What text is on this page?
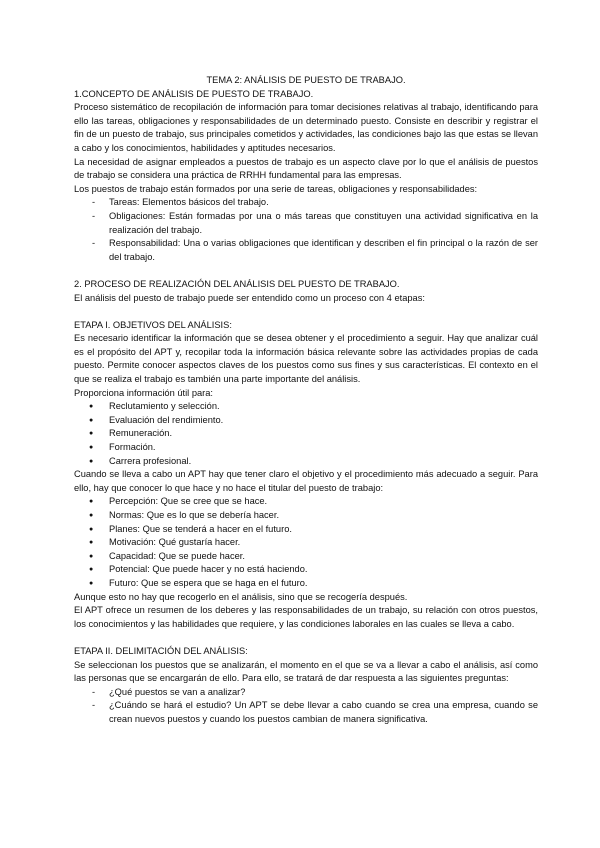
TEMA 2: ANÁLISIS DE PUESTO DE TRABAJO.
1.CONCEPTO DE ANÁLISIS DE PUESTO DE TRABAJO.

Proceso sistemático de recopilación de información para tomar decisiones relativas al trabajo, identificando para ello las tareas, obligaciones y responsabilidades de un determinado puesto. Consiste en describir y registrar el fin de un puesto de trabajo, sus principales cometidos y actividades, las condiciones bajo las que estas se llevan a cabo y los conocimientos, habilidades y aptitudes necesarios.

La necesidad de asignar empleados a puestos de trabajo es un aspecto clave por lo que el análisis de puestos de trabajo se considera una práctica de RRHH fundamental para las empresas.

Los puestos de trabajo están formados por una serie de tareas, obligaciones y responsabilidades:

- Tareas: Elementos básicos del trabajo.
- Obligaciones: Están formadas por una o más tareas que constituyen una actividad significativa en la realización del trabajo.
- Responsabilidad: Una o varias obligaciones que identifican y describen el fin principal o la razón de ser del trabajo.
2. PROCESO DE REALIZACIÓN DEL ANÁLISIS DEL PUESTO DE TRABAJO.

El análisis del puesto de trabajo puede ser entendido como un proceso con 4 etapas:

ETAPA I. OBJETIVOS DEL ANÁLISIS:

Es necesario identificar la información que se desea obtener y el procedimiento a seguir. Hay que analizar cuál es el propósito del APT y, recopilar toda la información básica relevante sobre las actividades propias de cada puesto. Permite conocer aspectos claves de los puestos como sus fines y sus características. El contexto en el que se realiza el trabajo es también una parte importante del análisis.

Proporciona información útil para:

● Reclutamiento y selección.
● Evaluación del rendimiento.
● Remuneración.
● Formación.
● Carrera profesional.

Cuando se lleva a cabo un APT hay que tener claro el objetivo y el procedimiento más adecuado a seguir. Para ello, hay que conocer lo que hace y no hace el titular del puesto de trabajo:

● Percepción: Que se cree que se hace.
● Normas: Que es lo que se debería hacer.
● Planes: Que se tenderá a hacer en el futuro.
● Motivación: Qué gustaría hacer.
● Capacidad: Que se puede hacer.
● Potencial: Que puede hacer y no está haciendo.
● Futuro: Que se espera que se haga en el futuro.

Aunque esto no hay que recogerlo en el análisis, sino que se recogería después.

El APT ofrece un resumen de los deberes y las responsabilidades de un trabajo, su relación con otros puestos, los conocimientos y las habilidades que requiere, y las condiciones laborales en las cuales se lleva a cabo.

ETAPA II. DELIMITACIÓN DEL ANÁLISIS:

Se seleccionan los puestos que se analizarán, el momento en el que se va a llevar a cabo el análisis, así como las personas que se encargarán de ello. Para ello, se tratará de dar respuesta a las siguientes preguntas:

- ¿Qué puestos se van a analizar?
- ¿Cuándo se hará el estudio? Un APT se debe llevar a cabo cuando se crea una empresa, cuando se crean nuevos puestos y cuando los puestos cambian de manera significativa.
